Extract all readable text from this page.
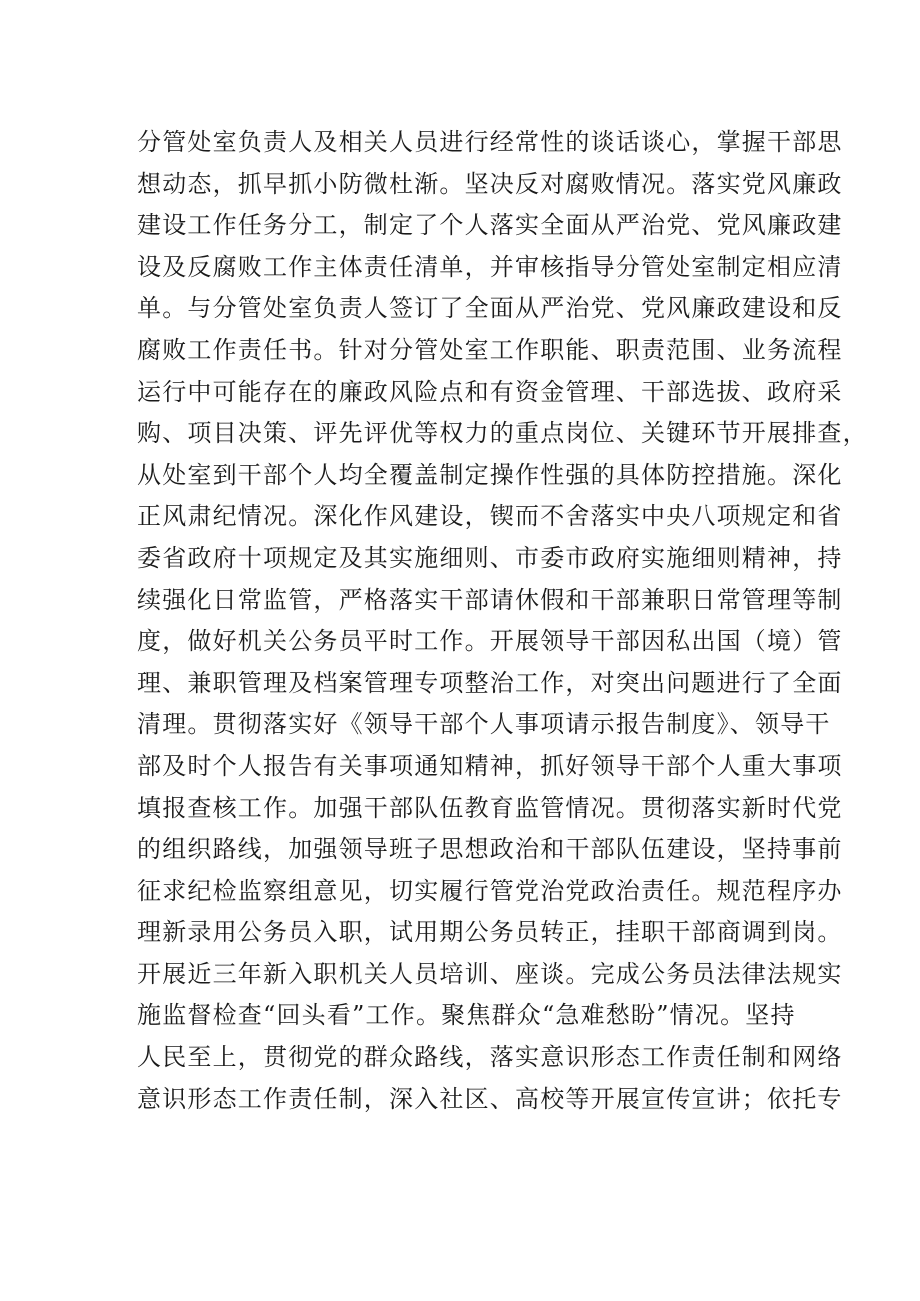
分管处室负责人及相关人员进行经常性的谈话谈心，掌握干部思
想动态，抓早抓小防微杜渐。坚决反对腐败情况。落实党风廉政
建设工作任务分工，制定了个人落实全面从严治党、党风廉政建
设及反腐败工作主体责任清单，并审核指导分管处室制定相应清
单。与分管处室负责人签订了全面从严治党、党风廉政建设和反
腐败工作责任书。针对分管处室工作职能、职责范围、业务流程
运行中可能存在的廉政风险点和有资金管理、干部选拔、政府采
购、项目决策、评先评优等权力的重点岗位、关键环节开展排查，
从处室到干部个人均全覆盖制定操作性强的具体防控措施。深化
正风肃纪情况。深化作风建设，锲而不舍落实中央八项规定和省
委省政府十项规定及其实施细则、市委市政府实施细则精神，持
续强化日常监管，严格落实干部请休假和干部兼职日常管理等制
度，做好机关公务员平时工作。开展领导干部因私出国（境）管
理、兼职管理及档案管理专项整治工作，对突出问题进行了全面
清理。贯彻落实好《领导干部个人事项请示报告制度》、领导干
部及时个人报告有关事项通知精神，抓好领导干部个人重大事项
填报查核工作。加强干部队伍教育监管情况。贯彻落实新时代党
的组织路线，加强领导班子思想政治和干部队伍建设，坚持事前
征求纪检监察组意见，切实履行管党治党政治责任。规范程序办
理新录用公务员入职，试用期公务员转正，挂职干部商调到岗。
开展近三年新入职机关人员培训、座谈。完成公务员法律法规实
施监督检查“回头看”工作。聚焦群众“急难愁盼”情况。坚持
人民至上，贯彻党的群众路线，落实意识形态工作责任制和网络
意识形态工作责任制，深入社区、高校等开展宣传宣讲；依托专
